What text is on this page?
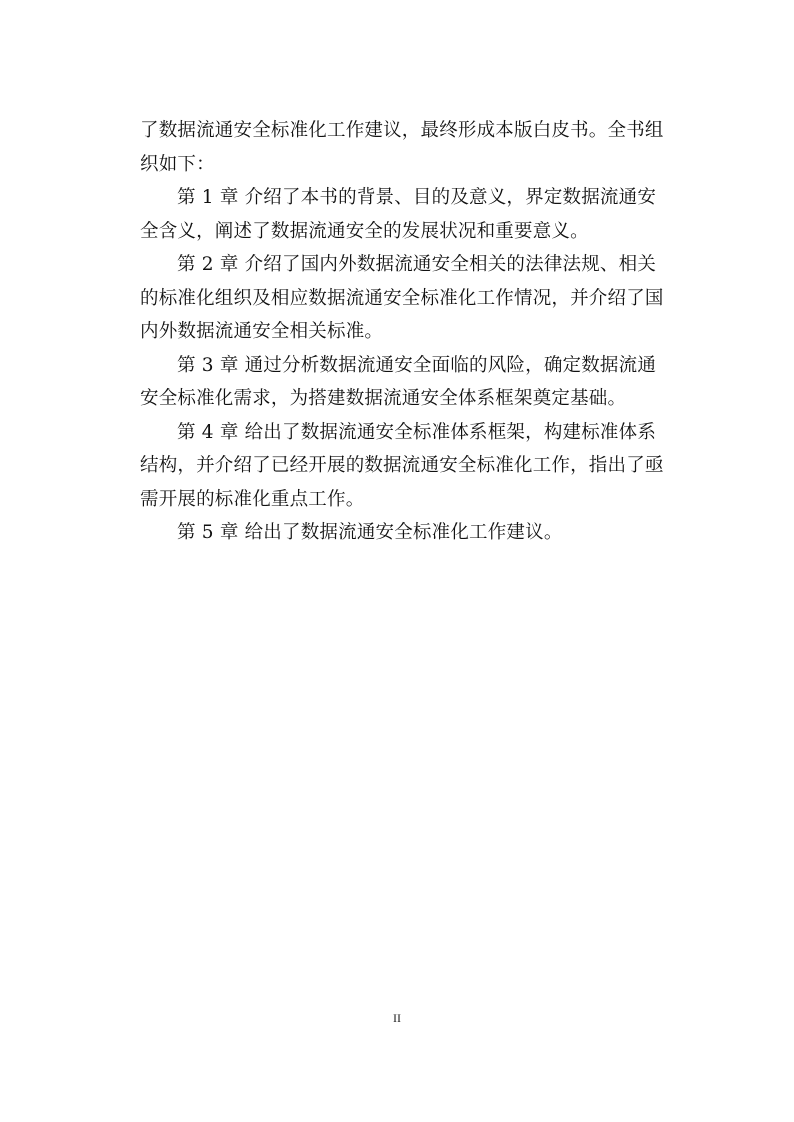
了数据流通安全标准化工作建议，最终形成本版白皮书。全书组
织如下：

第 1 章 介绍了本书的背景、目的及意义，界定数据流通安
全含义，阐述了数据流通安全的发展状况和重要意义。

第 2 章 介绍了国内外数据流通安全相关的法律法规、相关
的标准化组织及相应数据流通安全标准化工作情况，并介绍了国
内外数据流通安全相关标准。

第 3 章 通过分析数据流通安全面临的风险，确定数据流通
安全标准化需求，为搭建数据流通安全体系框架奠定基础。

第 4 章 给出了数据流通安全标准体系框架，构建标准体系
结构，并介绍了已经开展的数据流通安全标准化工作，指出了亟
需开展的标准化重点工作。

第 5 章 给出了数据流通安全标准化工作建议。

II
